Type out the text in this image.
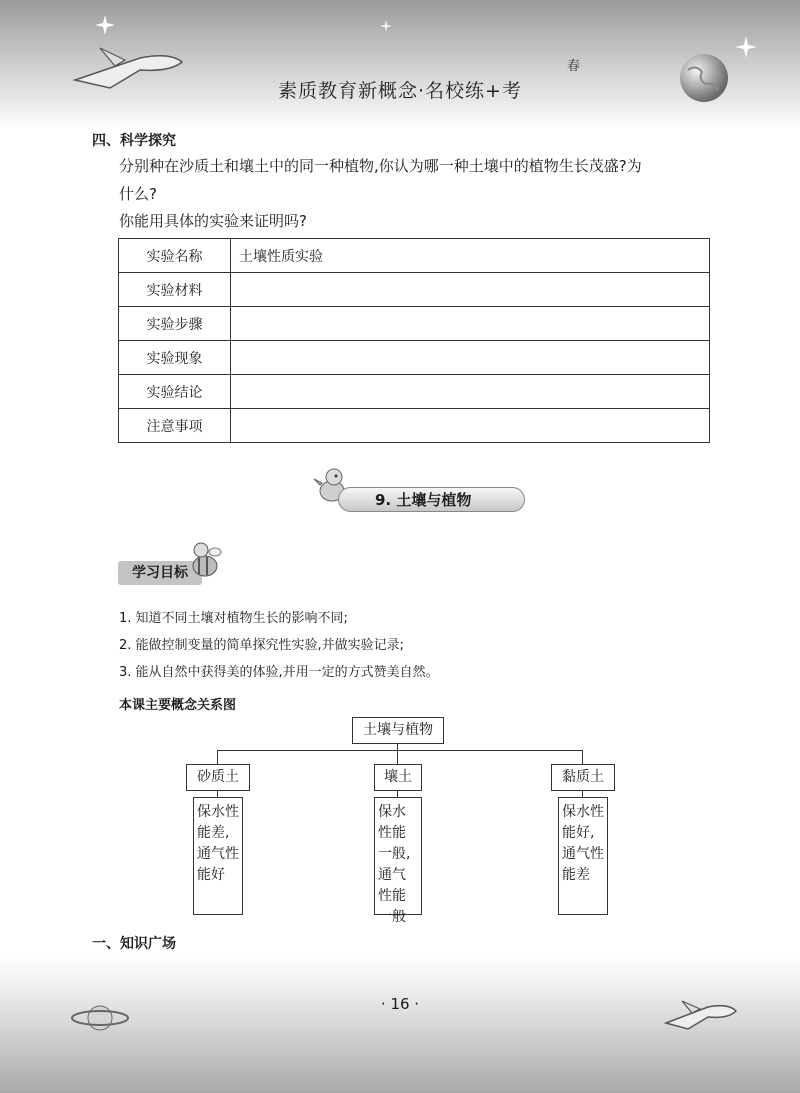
春
素质教育新概念·名校练+考
四、科学探究
分别种在沙质土和壤土中的同一种植物,你认为哪一种土壤中的植物生长茂盛?为
什么?
你能用具体的实验来证明吗?
实验名称	土壤性质实验
实验材料	
实验步骤	
实验现象	
实验结论	
注意事项	
9. 土壤与植物
学习目标
1. 知道不同土壤对植物生长的影响不同;
2. 能做控制变量的简单探究性实验,并做实验记录;
3. 能从自然中获得美的体验,并用一定的方式赞美自然。
本课主要概念关系图
土壤与植物
砂质土	壤土	黏质土
保水性能差,通气性能好
保水性能一般,通气性能一般
保水性能好,通气性能差
一、知识广场
· 16 ·
